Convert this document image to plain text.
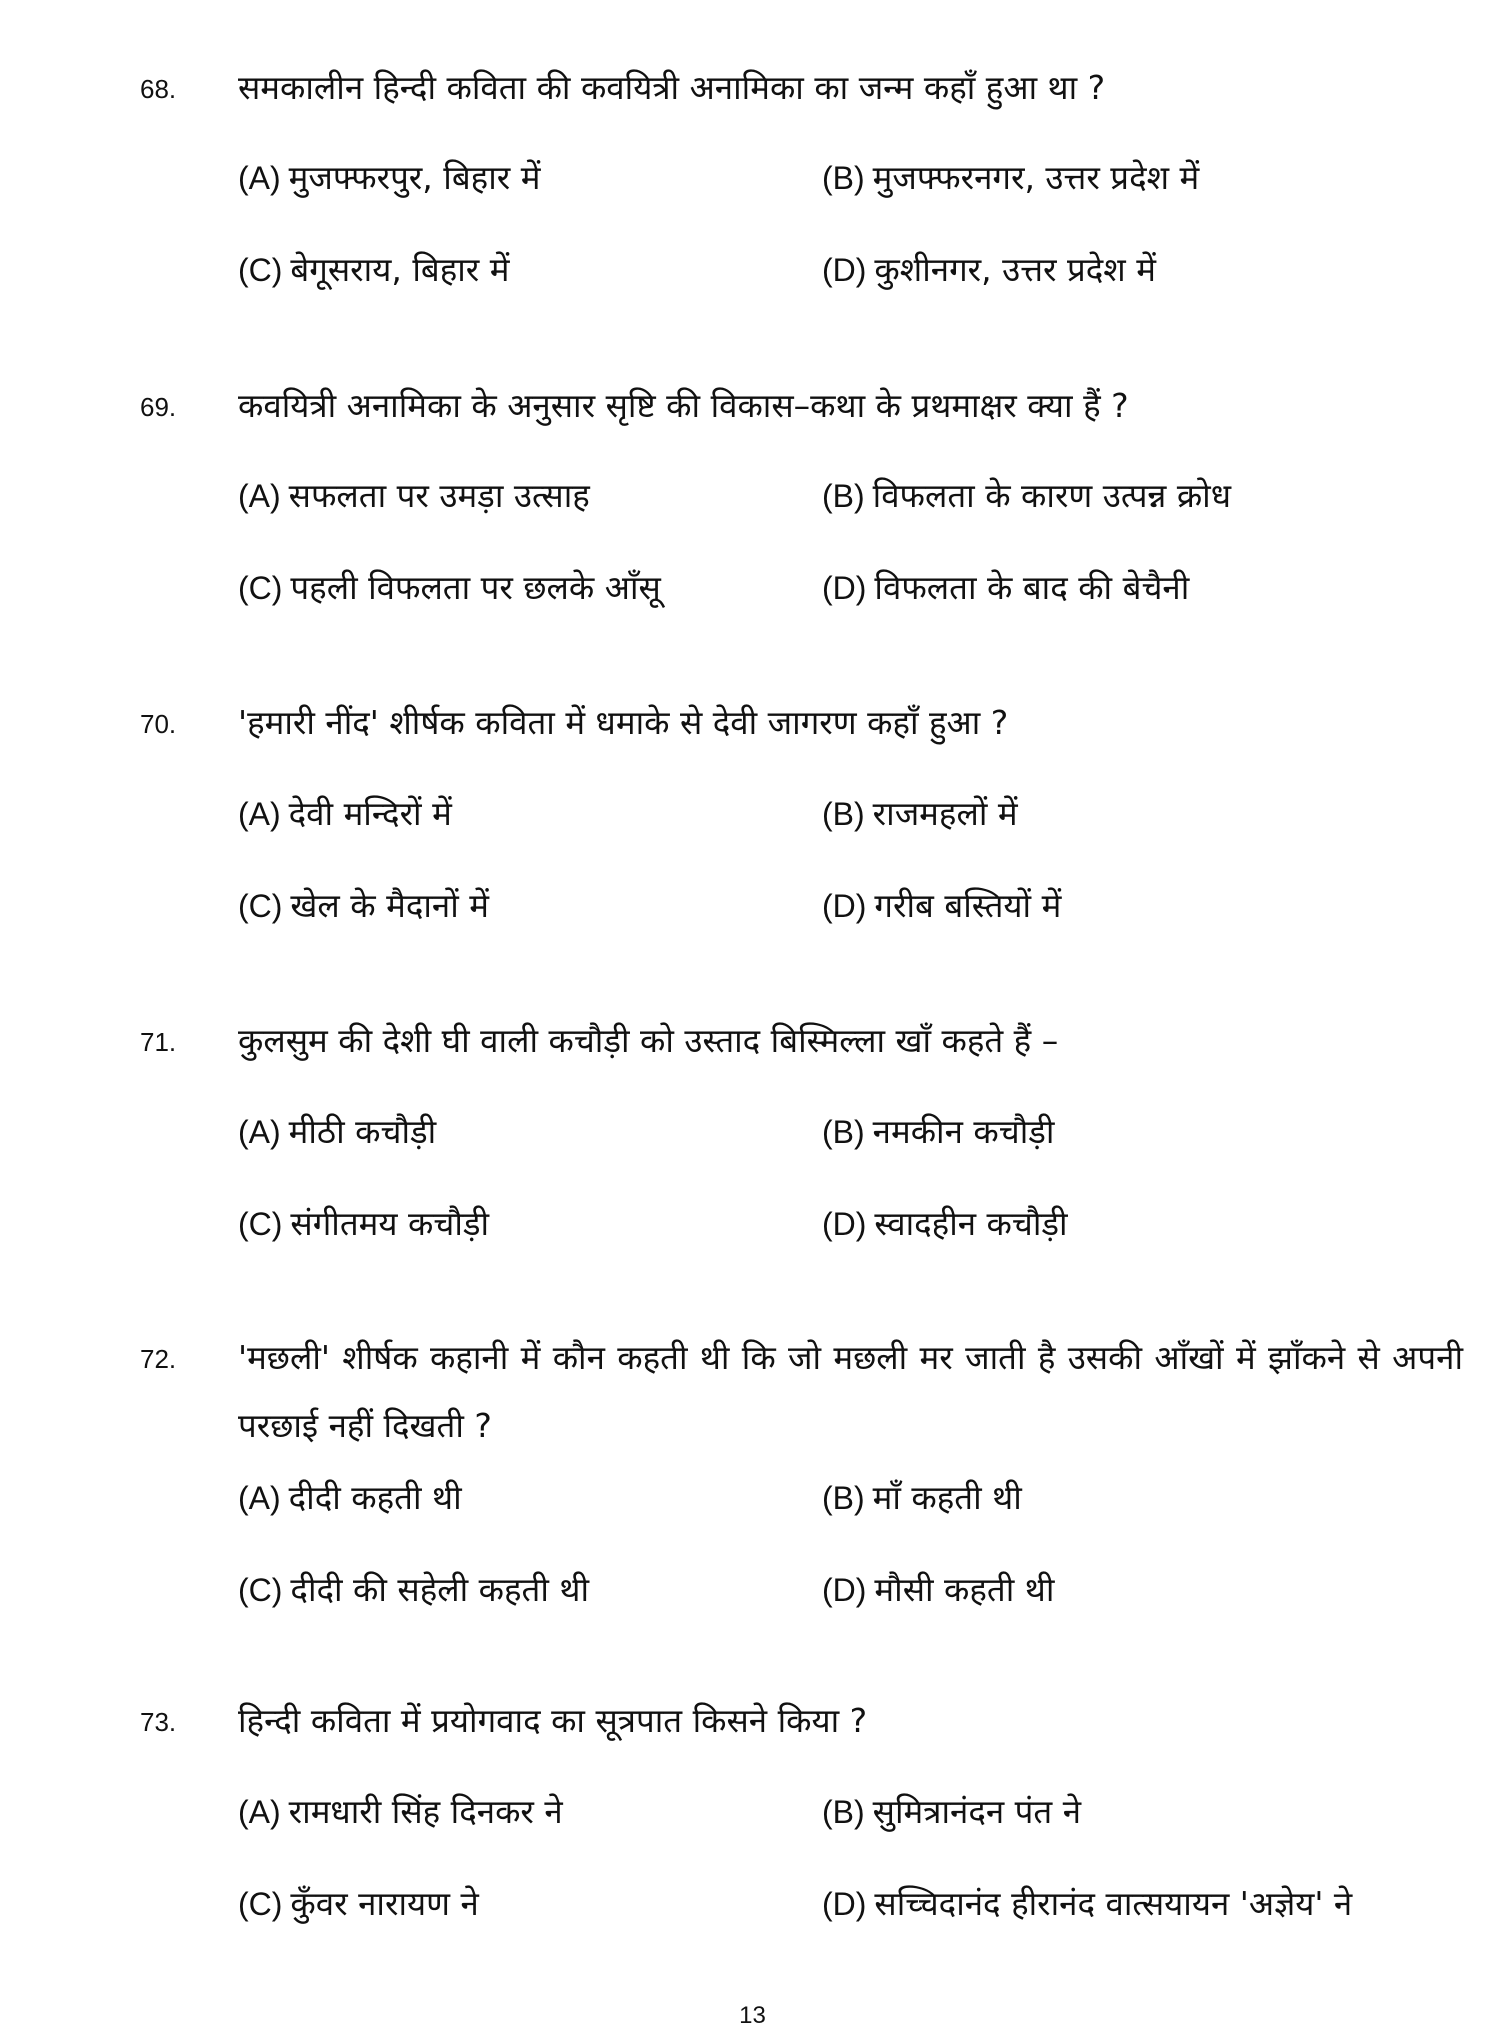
68. समकालीन हिन्दी कविता की कवयित्री अनामिका का जन्म कहाँ हुआ था ?
(A) मुजफ्फरपुर, बिहार में	(B) मुजफ्फरनगर, उत्तर प्रदेश में
(C) बेगूसराय, बिहार में	(D) कुशीनगर, उत्तर प्रदेश में
69. कवयित्री अनामिका के अनुसार सृष्टि की विकास–कथा के प्रथमाक्षर क्या हैं ?
(A) सफलता पर उमड़ा उत्साह	(B) विफलता के कारण उत्पन्न क्रोध
(C) पहली विफलता पर छलके आँसू	(D) विफलता के बाद की बेचैनी
70. 'हमारी नींद' शीर्षक कविता में धमाके से देवी जागरण कहाँ हुआ ?
(A) देवी मन्दिरों में	(B) राजमहलों में
(C) खेल के मैदानों में	(D) गरीब बस्तियों में
71. कुलसुम की देशी घी वाली कचौड़ी को उस्ताद बिस्मिल्ला खाँ कहते हैं –
(A) मीठी कचौड़ी	(B) नमकीन कचौड़ी
(C) संगीतमय कचौड़ी	(D) स्वादहीन कचौड़ी
72. 'मछली' शीर्षक कहानी में कौन कहती थी कि जो मछली मर जाती है उसकी आँखों में झाँकने से अपनी परछाई नहीं दिखती ?
(A) दीदी कहती थी	(B) माँ कहती थी
(C) दीदी की सहेली कहती थी	(D) मौसी कहती थी
73. हिन्दी कविता में प्रयोगवाद का सूत्रपात किसने किया ?
(A) रामधारी सिंह दिनकर ने	(B) सुमित्रानंदन पंत ने
(C) कुँवर नारायण ने	(D) सच्चिदानंद हीरानंद वात्सयायन 'अज्ञेय' ने
13
